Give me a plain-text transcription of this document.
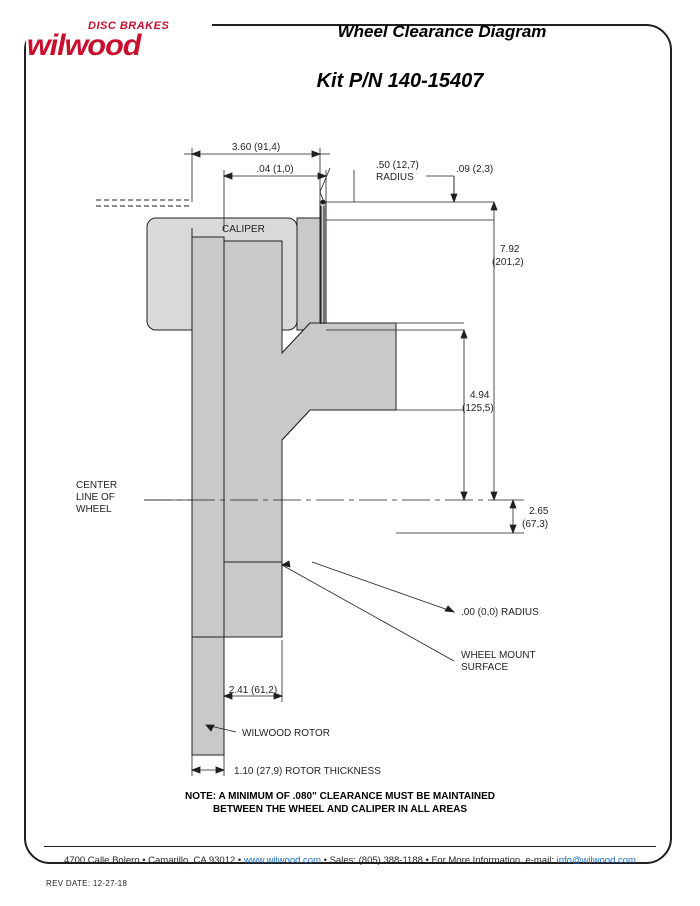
DISC BRAKES
wilwood	Wheel Clearance Diagram
Kit P/N 140-15407
3.60 (91,4)
.04 (1,0)	.09 (2,3)
.50 (12,7)
RADIUS
7.92
(201,2)
4.94
(125,5)
2.65
(67,3)
CALIPER
CENTER
LINE OF
WHEEL
.00 (0,0) RADIUS
WHEEL MOUNT
SURFACE
2.41 (61,2)
WILWOOD ROTOR
1.10 (27,9) ROTOR THICKNESS
NOTE: A MINIMUM OF .080" CLEARANCE MUST BE MAINTAINED
BETWEEN THE WHEEL AND CALIPER IN ALL AREAS
4700 Calle Bolero • Camarillo, CA 93012 • www.wilwood.com • Sales: (805) 388-1188 • For More Information, e-mail: info@wilwood.com
REV DATE: 12-27-18
